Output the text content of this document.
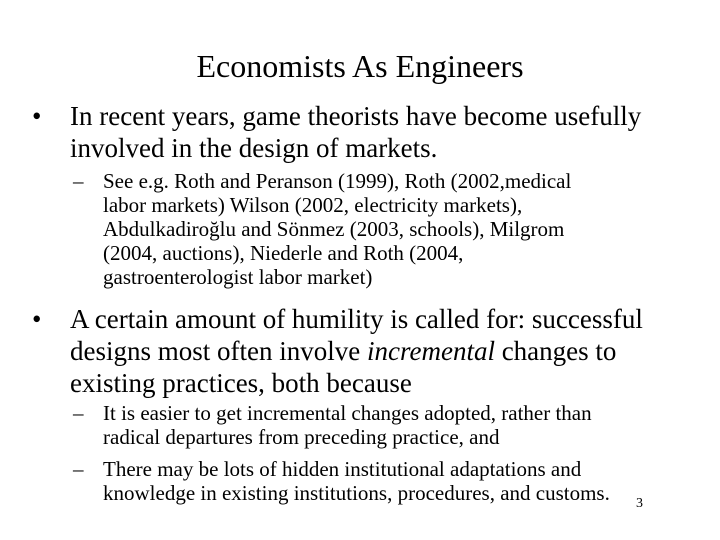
Economists As Engineers
• In recent years, game theorists have become usefully
involved in the design of markets.
– See e.g. Roth and Peranson (1999), Roth (2002,medical
labor markets) Wilson (2002, electricity markets),
Abdulkadiroğlu and Sönmez (2003, schools), Milgrom
(2004, auctions), Niederle and Roth (2004,
gastroenterologist labor market)
• A certain amount of humility is called for: successful
designs most often involve incremental changes to
existing practices, both because
– It is easier to get incremental changes adopted, rather than
radical departures from preceding practice, and
– There may be lots of hidden institutional adaptations and
knowledge in existing institutions, procedures, and customs.	3
